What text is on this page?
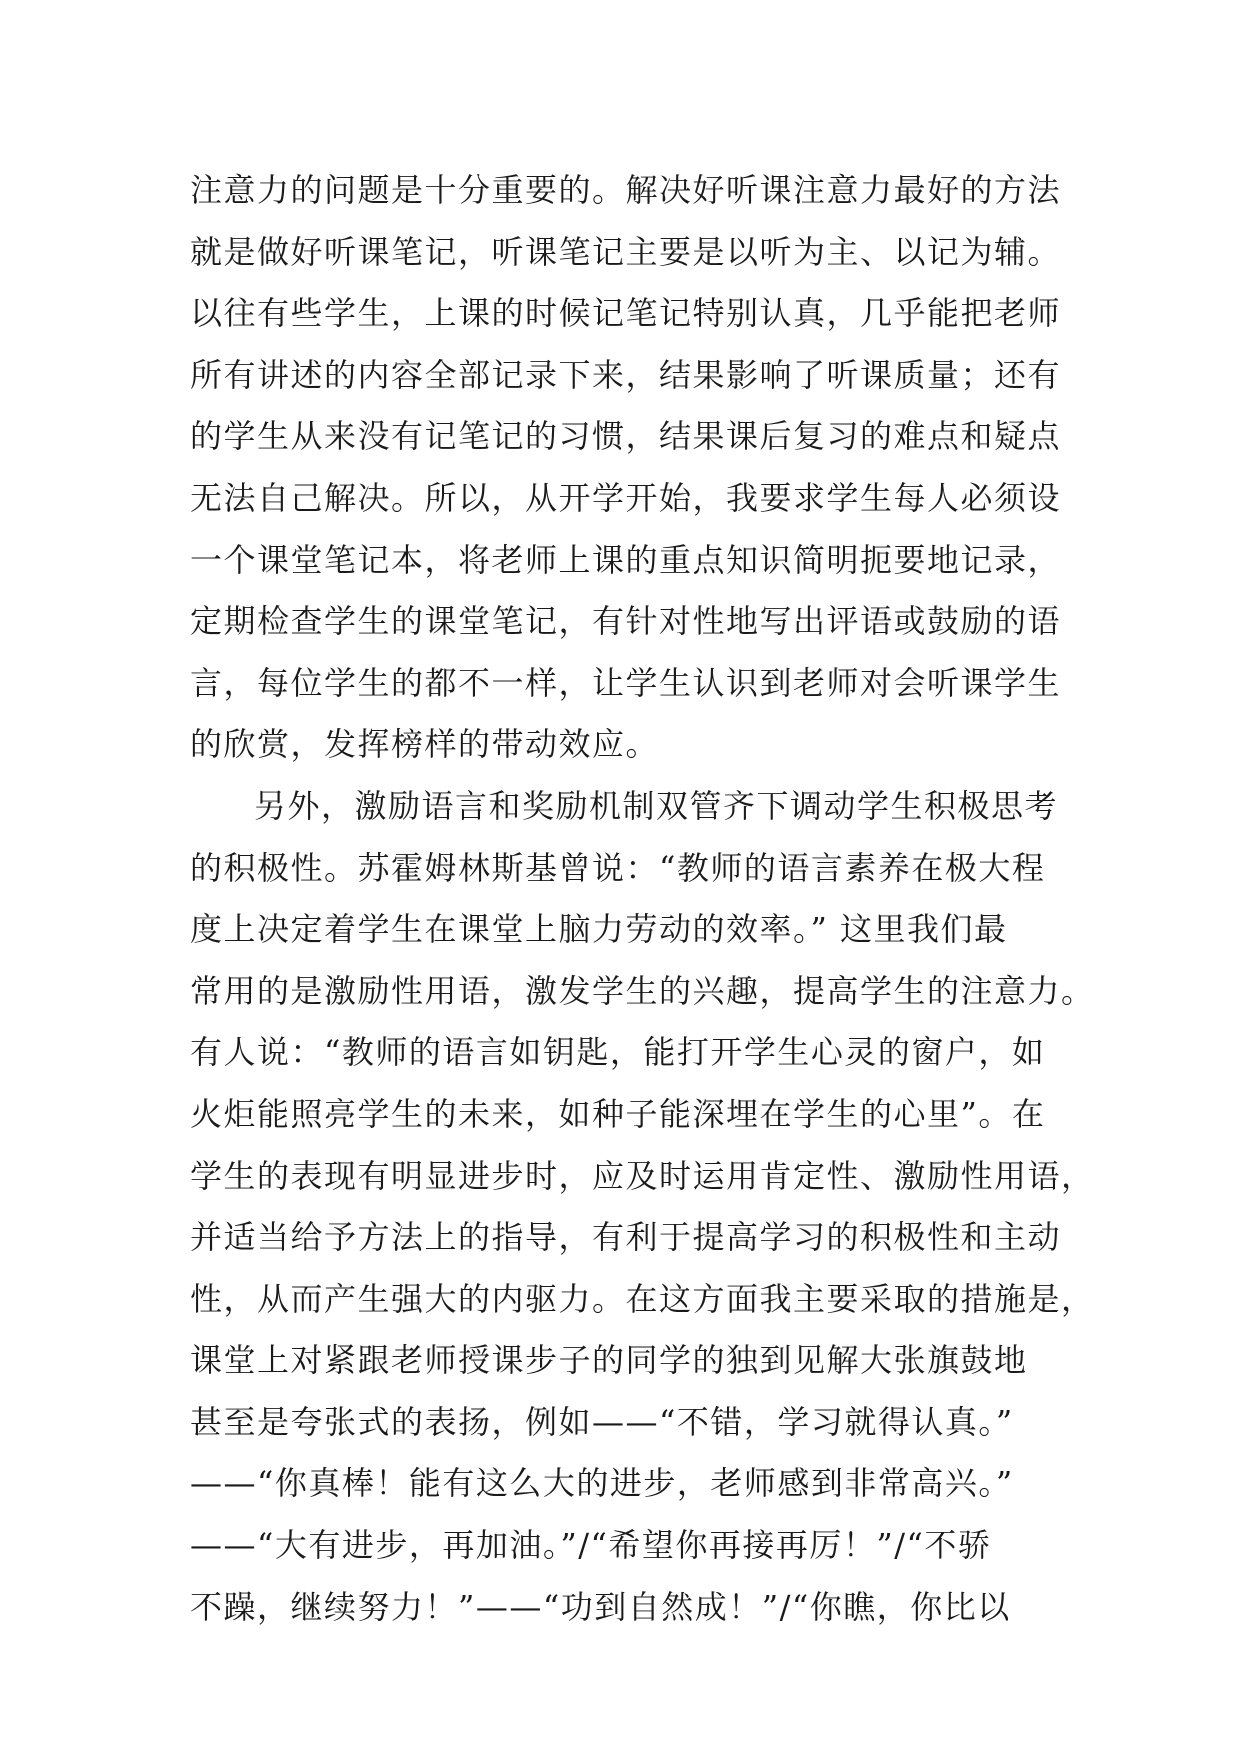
注意力的问题是十分重要的。解决好听课注意力最好的方法
就是做好听课笔记，听课笔记主要是以听为主、以记为辅。
以往有些学生，上课的时候记笔记特别认真，几乎能把老师
所有讲述的内容全部记录下来，结果影响了听课质量；还有
的学生从来没有记笔记的习惯，结果课后复习的难点和疑点
无法自己解决。所以，从开学开始，我要求学生每人必须设
一个课堂笔记本，将老师上课的重点知识简明扼要地记录，
定期检查学生的课堂笔记，有针对性地写出评语或鼓励的语
言，每位学生的都不一样，让学生认识到老师对会听课学生
的欣赏，发挥榜样的带动效应。
另外，激励语言和奖励机制双管齐下调动学生积极思考
的积极性。苏霍姆林斯基曾说：“教师的语言素养在极大程
度上决定着学生在课堂上脑力劳动的效率。” 这里我们最
常用的是激励性用语，激发学生的兴趣，提高学生的注意力。
有人说：“教师的语言如钥匙，能打开学生心灵的窗户，如
火炬能照亮学生的未来，如种子能深埋在学生的心里”。在
学生的表现有明显进步时，应及时运用肯定性、激励性用语，
并适当给予方法上的指导，有利于提高学习的积极性和主动
性，从而产生强大的内驱力。在这方面我主要采取的措施是，
课堂上对紧跟老师授课步子的同学的独到见解大张旗鼓地
甚至是夸张式的表扬，例如——“不错，学习就得认真。”
——“你真棒！能有这么大的进步，老师感到非常高兴。”
——“大有进步，再加油。”/“希望你再接再厉！”/“不骄
不躁，继续努力！”——“功到自然成！”/“你瞧，你比以
